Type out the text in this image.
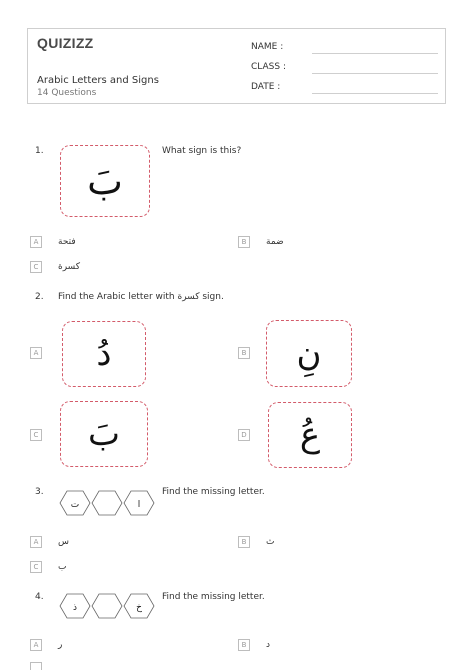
QUIZIZZ
Arabic Letters and Signs
14 Questions
NAME :
CLASS :
DATE :
1.
بَ
What sign is this?
A	فتحة	B	ضمة
C	كسرة
2. Find the Arabic letter with كسرة sign.
A	دُ	B	نِ
C	بَ	D	عُ
3.
ت	ا
Find the missing letter.
A	س	B	ث
C	ب
4.
ذ	خ
Find the missing letter.
A	ر	B	د
